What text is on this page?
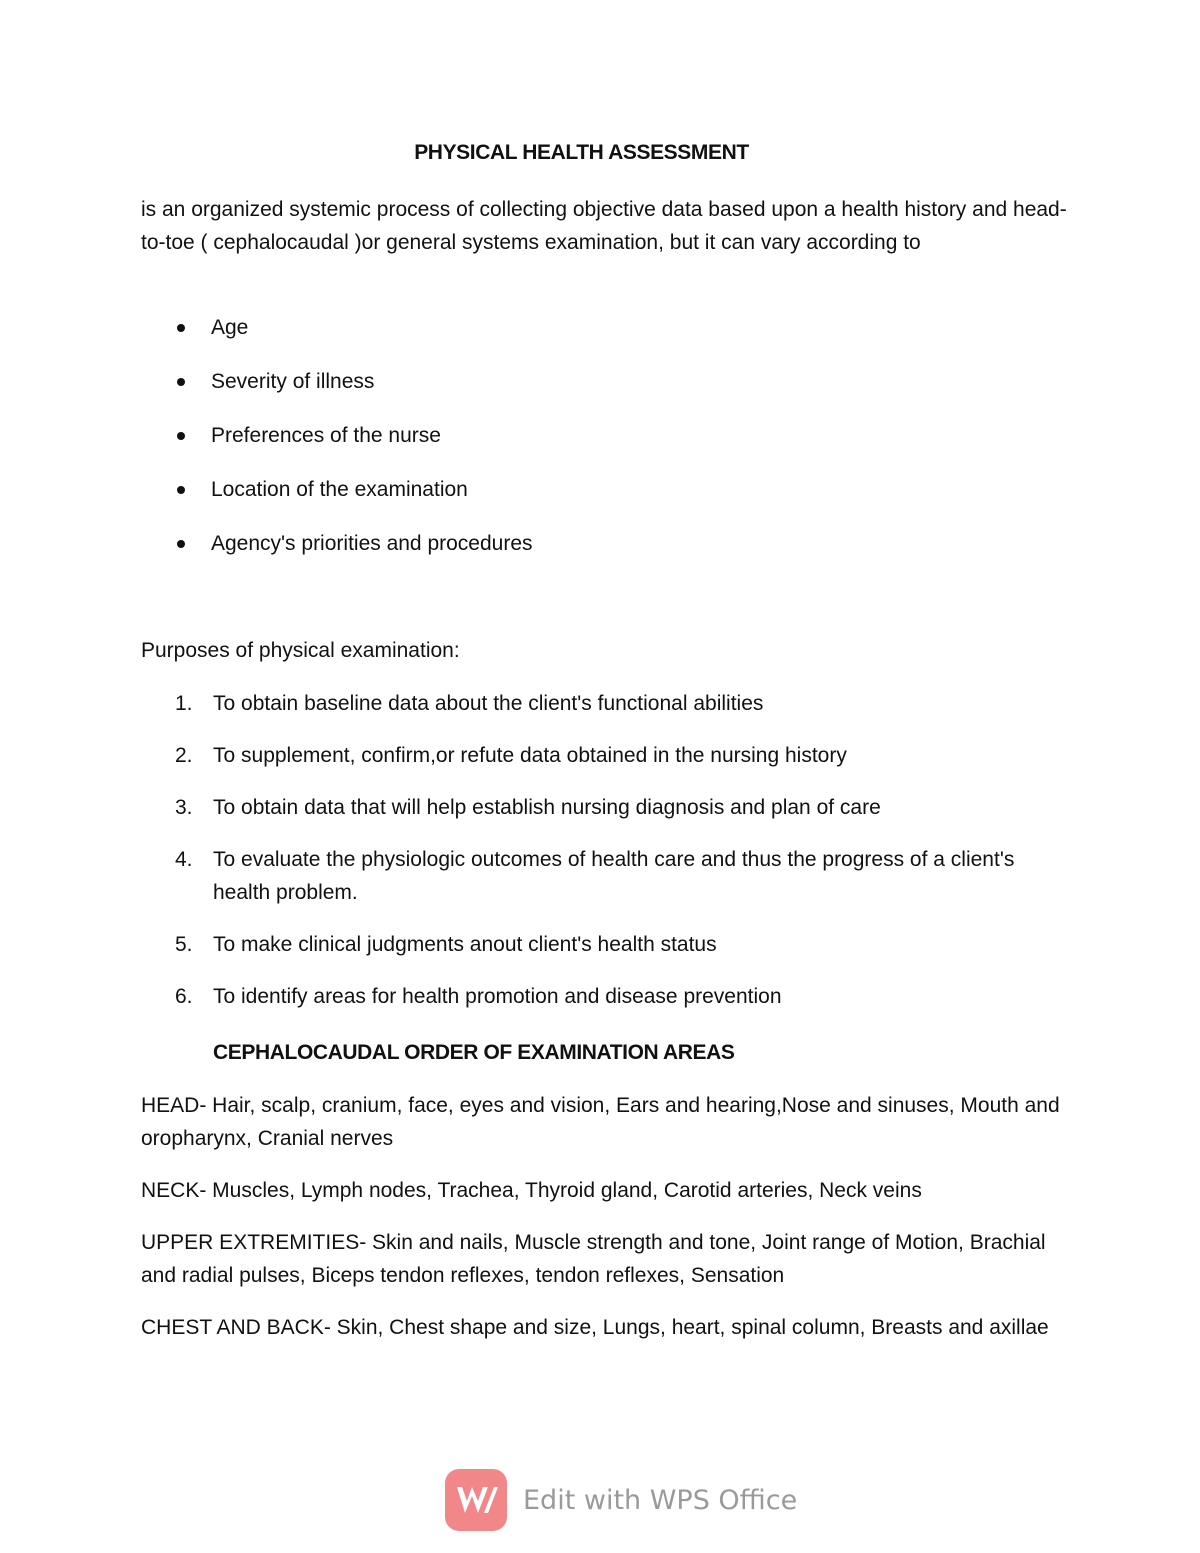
PHYSICAL HEALTH ASSESSMENT
is an organized systemic process of collecting objective data based upon a health history and head-to-toe ( cephalocaudal )or general systems examination, but it can vary according to
Age
Severity of illness
Preferences of the nurse
Location of the examination
Agency's priorities and procedures
Purposes of physical examination:
1. To obtain baseline data about the client's functional abilities
2. To supplement, confirm,or refute data obtained in the nursing history
3. To obtain data that will help establish nursing diagnosis and plan of care
4. To evaluate the physiologic outcomes of health care and thus the progress of a client's health problem.
5. To make clinical judgments anout client's health status
6. To identify areas for health promotion and disease prevention
CEPHALOCAUDAL ORDER OF EXAMINATION AREAS

HEAD- Hair, scalp, cranium, face, eyes and vision, Ears and hearing,Nose and sinuses, Mouth and oropharynx, Cranial nerves

NECK- Muscles, Lymph nodes, Trachea, Thyroid gland, Carotid arteries, Neck veins

UPPER EXTREMITIES- Skin and nails, Muscle strength and tone, Joint range of Motion, Brachial and radial pulses, Biceps tendon reflexes, tendon reflexes, Sensation

CHEST AND BACK- Skin, Chest shape and size, Lungs, heart, spinal column, Breasts and axillae

Edit with WPS Office
